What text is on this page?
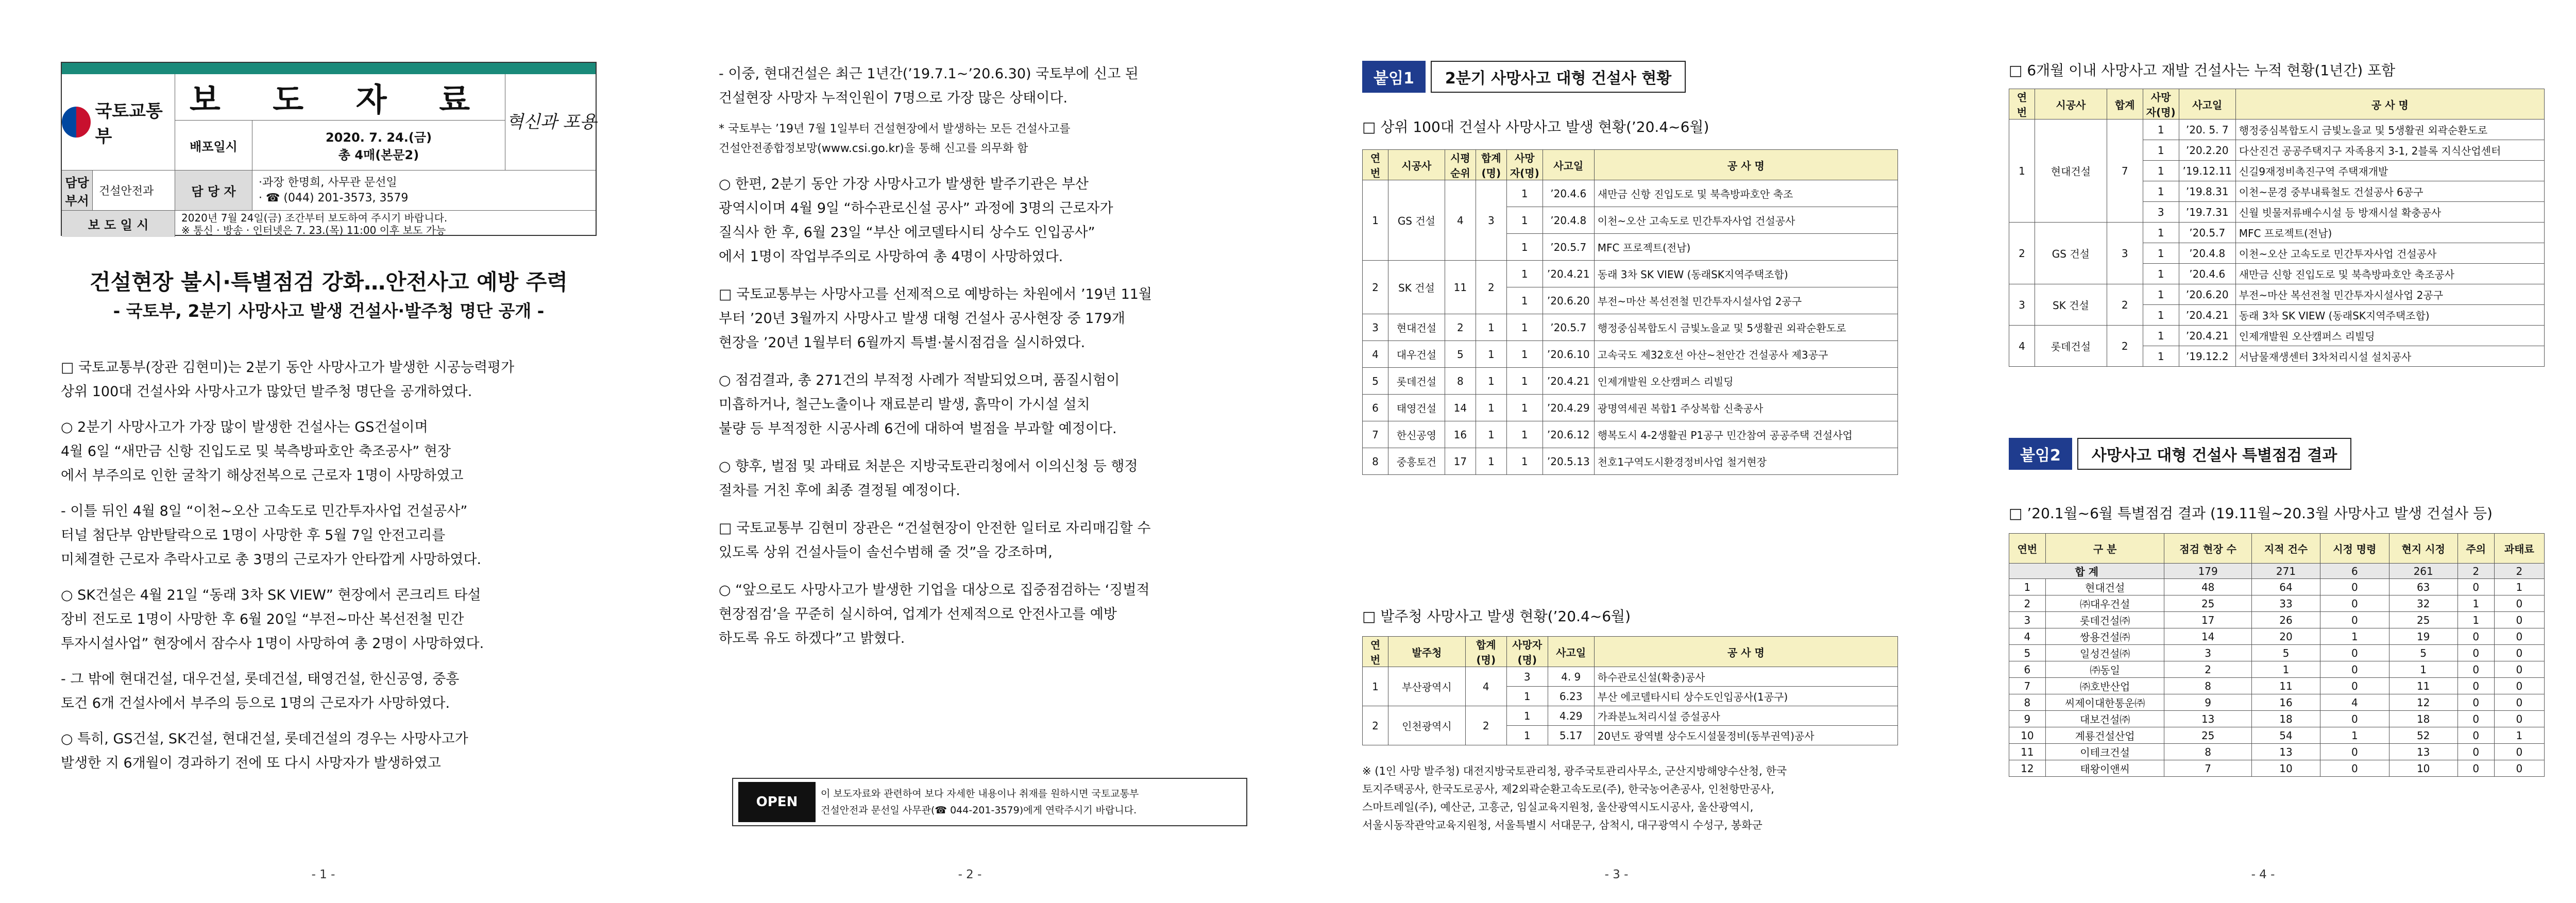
국토교통부
보 도 자 료
배포일시
2020. 7. 24.(금)
총 4매(본문2)
혁신과 포용
담당 부서
건설안전과	담 당 자
·과장 한명희, 사무관 문선일
· ☎ (044) 201-3573, 3579
보 도 일 시
2020년 7월 24일(금) 조간부터 보도하여 주시기 바랍니다.
※ 통신 · 방송 · 인터넷은 7. 23.(목) 11:00 이후 보도 가능
건설현장 불시·특별점검 강화…안전사고 예방 주력
- 국토부, 2분기 사망사고 발생 건설사·발주청 명단 공개 -
□ 국토교통부(장관 김현미)는 2분기 동안 사망사고가 발생한 시공능력평가
상위 100대 건설사와 사망사고가 많았던 발주청 명단을 공개하였다.
○ 2분기 사망사고가 가장 많이 발생한 건설사는 GS건설이며
4월 6일 “새만금 신항 진입도로 및 북측방파호안 축조공사” 현장
에서 부주의로 인한 굴착기 해상전복으로 근로자 1명이 사망하였고
- 이틀 뒤인 4월 8일 “이천~오산 고속도로 민간투자사업 건설공사”
터널 첨단부 암반탈락으로 1명이 사망한 후 5월 7일 안전고리를
미체결한 근로자 추락사고로 총 3명의 근로자가 안타깝게 사망하였다.
○ SK건설은 4월 21일 “동래 3차 SK VIEW” 현장에서 콘크리트 타설
장비 전도로 1명이 사망한 후 6월 20일 “부전~마산 복선전철 민간
투자시설사업” 현장에서 잠수사 1명이 사망하여 총 2명이 사망하였다.
- 그 밖에 현대건설, 대우건설, 롯데건설, 태영건설, 한신공영, 중흥
토건 6개 건설사에서 부주의 등으로 1명의 근로자가 사망하였다.
○ 특히, GS건설, SK건설, 현대건설, 롯데건설의 경우는 사망사고가
발생한 지 6개월이 경과하기 전에 또 다시 사망자가 발생하였고
- 1 -
- 이중, 현대건설은 최근 1년간(’19.7.1~’20.6.30) 국토부에 신고 된
건설현장 사망자 누적인원이 7명으로 가장 많은 상태이다.
* 국토부는 ’19년 7월 1일부터 건설현장에서 발생하는 모든 건설사고를
건설안전종합정보망(www.csi.go.kr)을 통해 신고를 의무화 함
○ 한편, 2분기 동안 가장 사망사고가 발생한 발주기관은 부산
광역시이며 4월 9일 “하수관로신설 공사” 과정에 3명의 근로자가
질식사 한 후, 6월 23일 “부산 에코델타시티 상수도 인입공사”
에서 1명이 작업부주의로 사망하여 총 4명이 사망하였다.
□ 국토교통부는 사망사고를 선제적으로 예방하는 차원에서 ’19년 11월
부터 ’20년 3월까지 사망사고 발생 대형 건설사 공사현장 중 179개
현장을 ’20년 1월부터 6월까지 특별·불시점검을 실시하였다.
○ 점검결과, 총 271건의 부적정 사례가 적발되었으며, 품질시험이
미흡하거나, 철근노출이나 재료분리 발생, 흙막이 가시설 설치
불량 등 부적정한 시공사례 6건에 대하여 벌점을 부과할 예정이다.
○ 향후, 벌점 및 과태료 처분은 지방국토관리청에서 이의신청 등 행정
절차를 거친 후에 최종 결정될 예정이다.
□ 국토교통부 김현미 장관은 “건설현장이 안전한 일터로 자리매김할 수
있도록 상위 건설사들이 솔선수범해 줄 것”을 강조하며,
○ “앞으로도 사망사고가 발생한 기업을 대상으로 집중점검하는 ‘징벌적
현장점검’을 꾸준히 실시하여, 업계가 선제적으로 안전사고를 예방
하도록 유도 하겠다”고 밝혔다.
OPEN
이 보도자료와 관련하여 보다 자세한 내용이나 취재를 원하시면 국토교통부
건설안전과 문선일 사무관(☎ 044-201-3579)에게 연락주시기 바랍니다.
- 2 -
붙임1	2분기 사망사고 대형 건설사 현황
□ 상위 100대 건설사 사망사고 발생 현황(’20.4~6월)
연번	시공사	시평순위	합계(명)	사망자(명)	사고일	공 사 명
1	GS 건설	4	3	1	’20.4.6	새만금 신항 진입도로 및 북측방파호안 축조
				1	’20.4.8	이천~오산 고속도로 민간투자사업 건설공사
				1	’20.5.7	MFC 프로젝트(전남)
2	SK 건설	11	2	1	’20.4.21	동래 3차 SK VIEW (동래SK지역주택조합)
				1	’20.6.20	부전~마산 복선전철 민간투자시설사업 2공구
3	현대건설	2	1	1	’20.5.7	행정중심복합도시 금빛노을교 및 5생활권 외곽순환도로
4	대우건설	5	1	1	’20.6.10	고속국도 제32호선 아산~천안간 건설공사 제3공구
5	롯데건설	8	1	1	’20.4.21	인제개발원 오산캠퍼스 리빌딩
6	태영건설	14	1	1	’20.4.29	광명역세권 복합1 주상복합 신축공사
7	한신공영	16	1	1	’20.6.12	행복도시 4-2생활권 P1공구 민간참여 공공주택 건설사업
8	중흥토건	17	1	1	’20.5.13	천호1구역도시환경정비사업 철거현장
□ 발주청 사망사고 발생 현황(’20.4~6월)
연번	발주청	합계(명)	사망자(명)	사고일	공 사 명
1	부산광역시	4	3	4. 9	하수관로신설(확충)공사
			1	6.23	부산 에코델타시티 상수도인입공사(1공구)
2	인천광역시	2	1	4.29	가좌분뇨처리시설 증설공사
			1	5.17	20년도 광역별 상수도시설물정비(동부권역)공사
※ (1인 사망 발주청) 대전지방국토관리청, 광주국토관리사무소, 군산지방해양수산청, 한국
토지주택공사, 한국도로공사, 제2외곽순환고속도로(주), 한국농어촌공사, 인천항만공사,
스마트레일(주), 예산군, 고흥군, 임실교육지원청, 울산광역시도시공사, 울산광역시,
서울시동작관악교육지원청, 서울특별시 서대문구, 삼척시, 대구광역시 수성구, 봉화군
- 3 -
□ 6개월 이내 사망사고 재발 건설사는 누적 현황(1년간) 포함
연번	시공사	합계	사망자(명)	사고일	공 사 명
1	현대건설	7	1	’20. 5. 7	행정중심복합도시 금빛노을교 및 5생활권 외곽순환도로
			1	’20.2.20	다산진건 공공주택지구 자족용지 3-1, 2블록 지식산업센터
			1	’19.12.11	신길9재정비촉진구역 주택재개발
			1	’19.8.31	이천~문경 중부내륙철도 건설공사 6공구
			3	’19.7.31	신월 빗물저류배수시설 등 방재시설 확충공사
2	GS 건설	3	1	’20.5.7	MFC 프로젝트(전남)
			1	’20.4.8	이천~오산 고속도로 민간투자사업 건설공사
			1	’20.4.6	새만금 신항 진입도로 및 북측방파호안 축조공사
3	SK 건설	2	1	’20.6.20	부전~마산 복선전철 민간투자시설사업 2공구
			1	’20.4.21	동래 3차 SK VIEW (동래SK지역주택조합)
4	롯데건설	2	1	’20.4.21	인제개발원 오산캠퍼스 리빌딩
			1	’19.12.2	서남물재생센터 3차처리시설 설치공사
붙임2	사망사고 대형 건설사 특별점검 결과
□ ’20.1월~6월 특별점검 결과 (19.11월~20.3월 사망사고 발생 건설사 등)
연번	구 분	점검 현장 수	지적 건수	시정 명령	현지 시정	주의	과태료
합 계		179	271	6	261	2	2
1	현대건설	48	64	0	63	0	1
2	㈜대우건설	25	33	0	32	1	0
3	롯데건설㈜	17	26	0	25	1	0
4	쌍용건설㈜	14	20	1	19	0	0
5	일성건설㈜	3	5	0	5	0	0
6	㈜동일	2	1	0	1	0	0
7	㈜호반산업	8	11	0	11	0	0
8	씨제이대한통운㈜	9	16	4	12	0	0
9	대보건설㈜	13	18	0	18	0	0
10	계룡건설산업	25	54	1	52	0	1
11	이테크건설	8	13	0	13	0	0
12	태왕이앤씨	7	10	0	10	0	0
- 4 -
